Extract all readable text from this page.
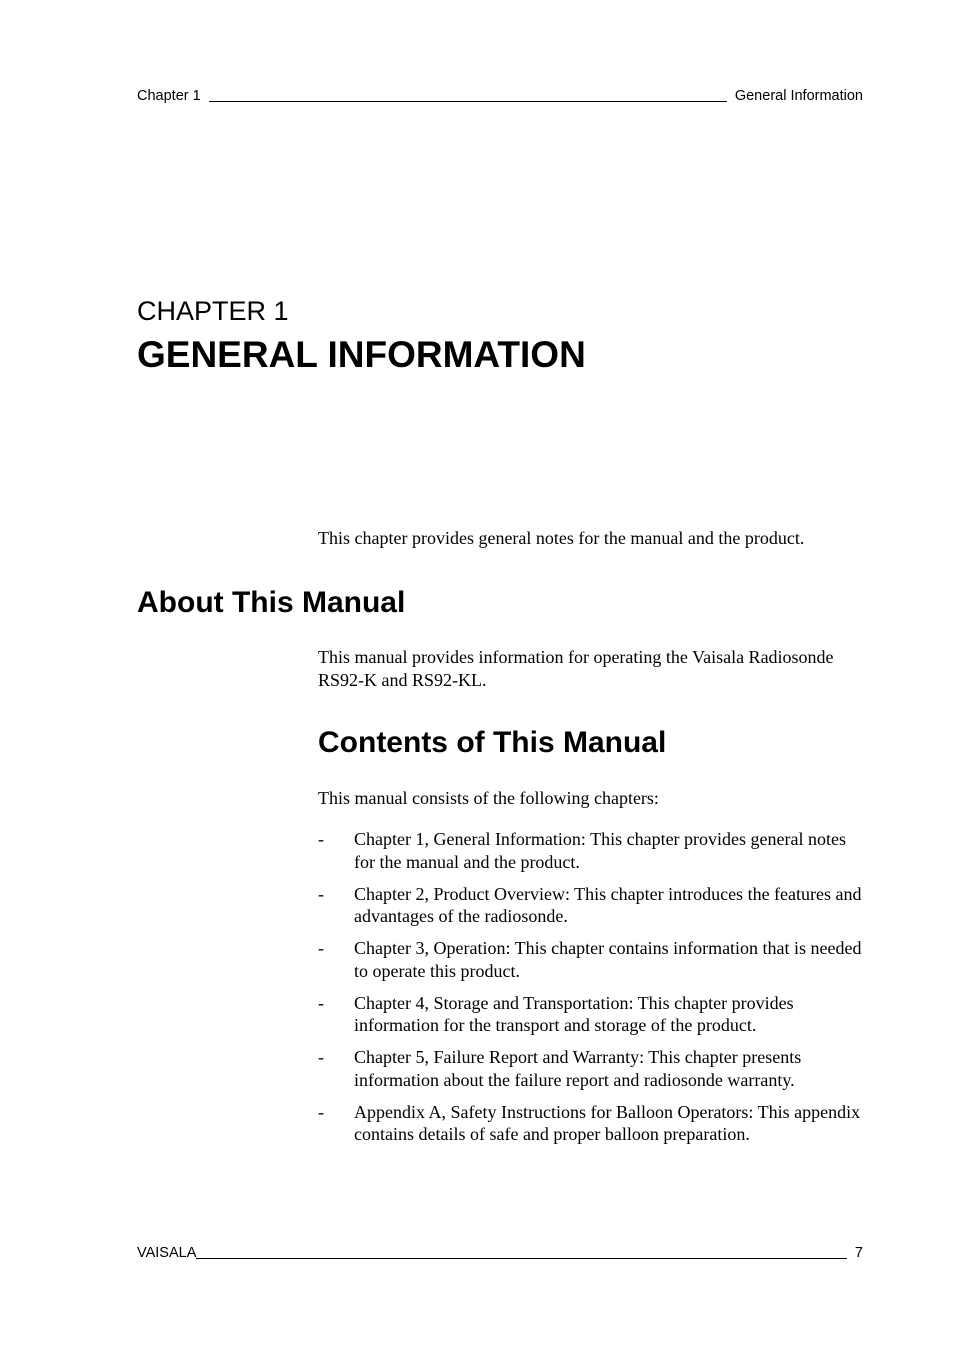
Chapter 1	General Information
CHAPTER 1
GENERAL INFORMATION
This chapter provides general notes for the manual and the product.
About This Manual
This manual provides information for operating the Vaisala Radiosonde RS92-K and RS92-KL.
Contents of This Manual
This manual consists of the following chapters:
-	Chapter 1, General Information: This chapter provides general notes for the manual and the product.
-	Chapter 2, Product Overview: This chapter introduces the features and advantages of the radiosonde.
-	Chapter 3, Operation: This chapter contains information that is needed to operate this product.
-	Chapter 4, Storage and Transportation: This chapter provides information for the transport and storage of the product.
-	Chapter 5, Failure Report and Warranty: This chapter presents information about the failure report and radiosonde warranty.
-	Appendix A, Safety Instructions for Balloon Operators: This appendix contains details of safe and proper balloon preparation.
VAISALA	7
